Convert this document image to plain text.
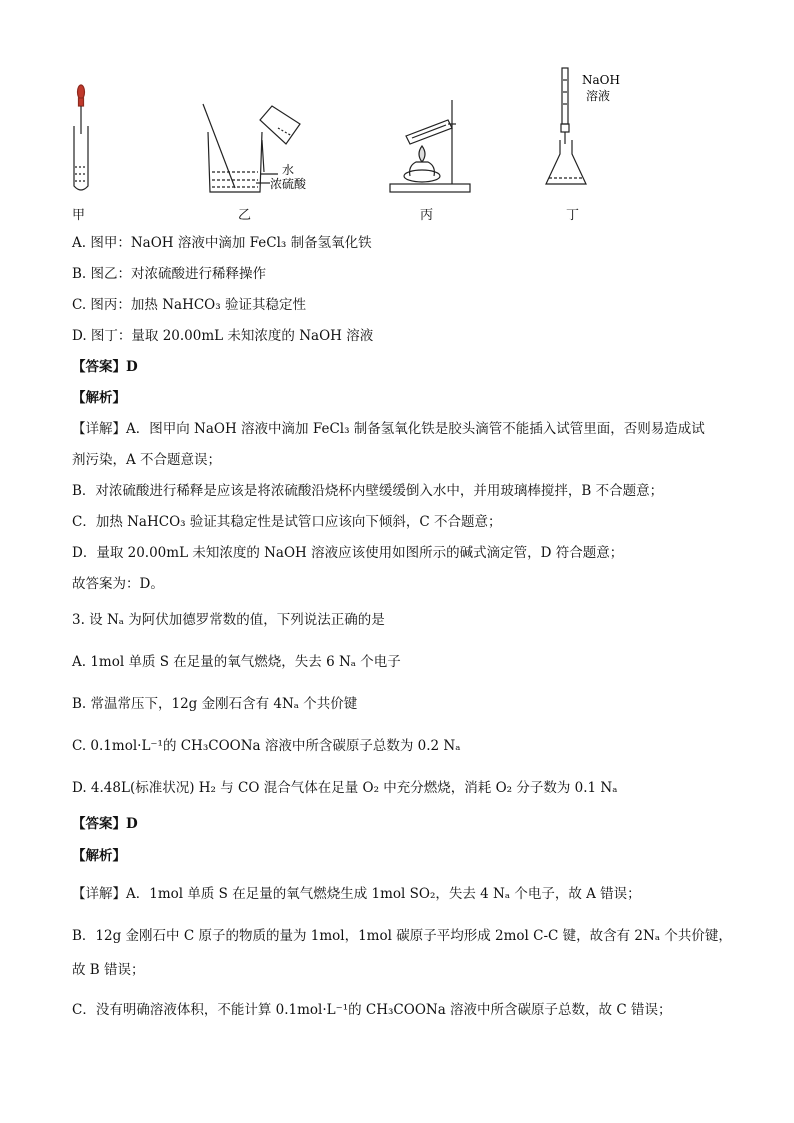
水
浓硫酸
NaOH
溶液
甲	乙	丙	丁
A. 图甲：NaOH 溶液中滴加 FeCl₃ 制备氢氧化铁
B. 图乙：对浓硫酸进行稀释操作
C. 图丙：加热 NaHCO₃ 验证其稳定性
D. 图丁：量取 20.00mL 未知浓度的 NaOH 溶液
【答案】D
【解析】
【详解】A．图甲向 NaOH 溶液中滴加 FeCl₃ 制备氢氧化铁是胶头滴管不能插入试管里面，否则易造成试
剂污染，A 不合题意误；
B．对浓硫酸进行稀释是应该是将浓硫酸沿烧杯内壁缓缓倒入水中，并用玻璃棒搅拌，B 不合题意；
C．加热 NaHCO₃ 验证其稳定性是试管口应该向下倾斜，C 不合题意；
D．量取 20.00mL 未知浓度的 NaOH 溶液应该使用如图所示的碱式滴定管，D 符合题意；
故答案为：D。
3. 设 Nₐ 为阿伏加德罗常数的值，下列说法正确的是
A. 1mol 单质 S 在足量的氧气燃烧，失去 6 Nₐ 个电子
B. 常温常压下，12g 金刚石含有 4Nₐ 个共价键
C. 0.1mol·L⁻¹的 CH₃COONa 溶液中所含碳原子总数为 0.2 Nₐ
D. 4.48L(标准状况) H₂ 与 CO 混合气体在足量 O₂ 中充分燃烧，消耗 O₂ 分子数为 0.1 Nₐ
【答案】D
【解析】
【详解】A．1mol 单质 S 在足量的氧气燃烧生成 1mol SO₂，失去 4 Nₐ 个电子，故 A 错误；
B．12g 金刚石中 C 原子的物质的量为 1mol，1mol 碳原子平均形成 2mol C-C 键，故含有 2Nₐ 个共价键，
故 B 错误；
C．没有明确溶液体积，不能计算 0.1mol·L⁻¹的 CH₃COONa 溶液中所含碳原子总数，故 C 错误；
